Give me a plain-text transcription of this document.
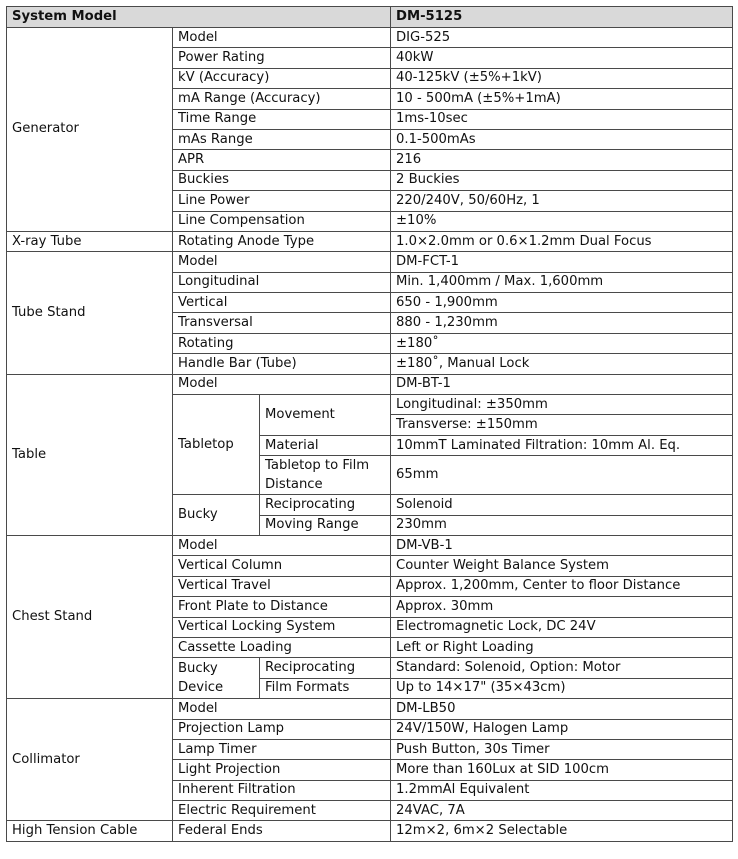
System Model			DM-5125
Generator	Model		DIG-525
	Power Rating		40kW
	kV (Accuracy)		40-125kV (±5%+1kV)
	mA Range (Accuracy)		10 - 500mA (±5%+1mA)
	Time Range		1ms-10sec
	mAs Range		0.1-500mAs
	APR		216
	Buckies		2 Buckies
	Line Power		220/240V, 50/60Hz, 1
	Line Compensation		±10%
X-ray Tube	Rotating Anode Type		1.0×2.0mm or 0.6×1.2mm Dual Focus
Tube Stand	Model		DM-FCT-1
	Longitudinal		Min. 1,400mm / Max. 1,600mm
	Vertical		650 - 1,900mm
	Transversal		880 - 1,230mm
	Rotating		±180˚
	Handle Bar (Tube)		±180˚, Manual Lock
Table	Model		DM-BT-1
	Tabletop	Movement	Longitudinal: ±350mm
			Transverse: ±150mm
		Material	10mmT Laminated Filtration: 10mm Al. Eq.
		Tabletop to Film Distance	65mm

	Bucky	Reciprocating	Solenoid
		Moving Range	230mm
Chest Stand	Model		DM-VB-1
	Vertical Column		Counter Weight Balance System
	Vertical Travel		Approx. 1,200mm, Center to floor Distance
	Front Plate to Distance		Approx. 30mm
	Vertical Locking System		Electromagnetic Lock, DC 24V
	Cassette Loading		Left or Right Loading
	Bucky Device	Reciprocating	Standard: Solenoid, Option: Motor
		Film Formats	Up to 14×17" (35×43cm)
Collimator	Model		DM-LB50
	Projection Lamp		24V/150W, Halogen Lamp
	Lamp Timer		Push Button, 30s Timer
	Light Projection		More than 160Lux at SID 100cm
	Inherent Filtration		1.2mmAl Equivalent
	Electric Requirement		24VAC, 7A
High Tension Cable	Federal Ends		12m×2, 6m×2 Selectable
